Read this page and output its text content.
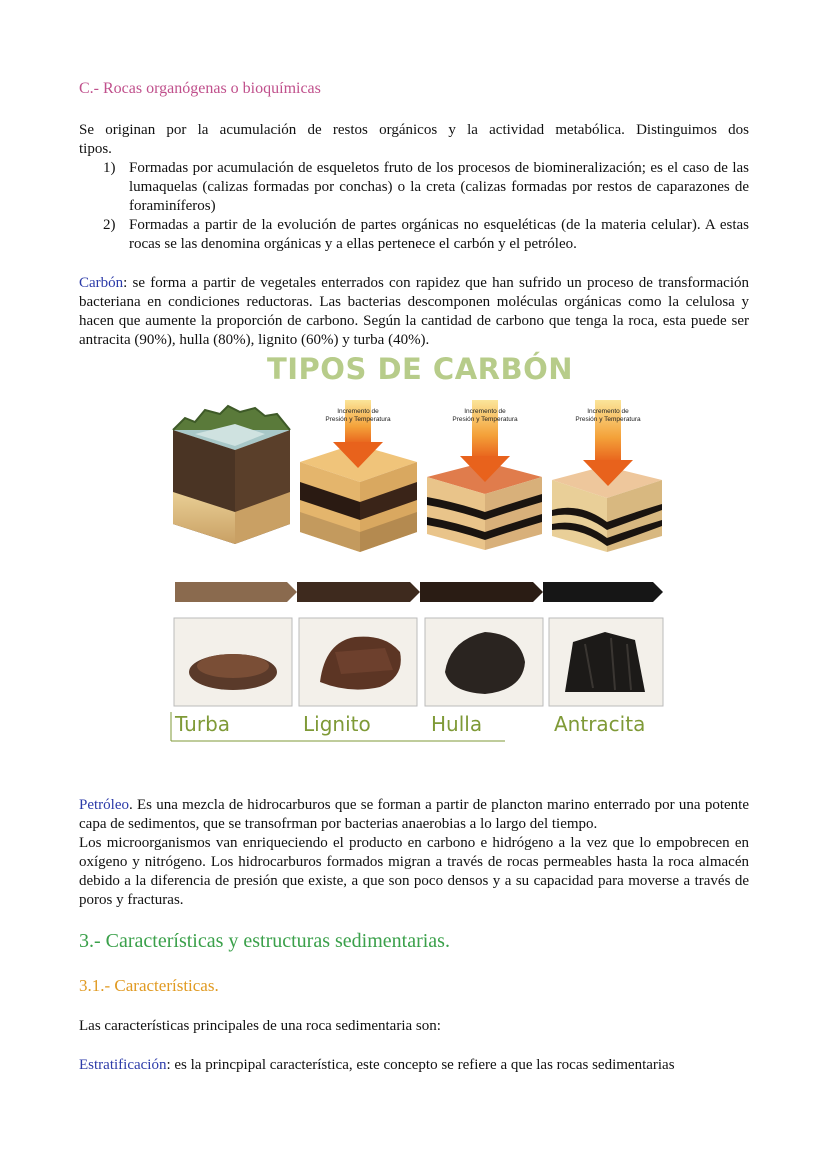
C.- Rocas organógenas o bioquímicas
Se originan por la acumulación de restos orgánicos y la actividad metabólica. Distinguimos dos
tipos.
1) Formadas por acumulación de esqueletos fruto de los procesos de biomineralización; es el caso de las lumaquelas (calizas formadas por conchas) o la creta (calizas formadas por restos de caparazones de foraminíferos)
2) Formadas a partir de la evolución de partes orgánicas no esqueléticas (de la materia celular). A estas rocas se las denomina orgánicas y a ellas pertenece el carbón y el petróleo.
Carbón: se forma a partir de vegetales enterrados con rapidez que han sufrido un proceso de transformación bacteriana en condiciones reductoras. Las bacterias descomponen moléculas orgánicas como la celulosa y hacen que aumente la proporción de carbono. Según la cantidad de carbono que tenga la roca, esta puede ser antracita (90%), hulla (80%), lignito (60%) y turba (40%).
TIPOS DE CARBÓN
Incremento de
Presión y Temperatura
Incremento de
Presión y Temperatura
Incremento de
Presión y Temperatura
Turba	Lignito	Hulla	Antracita
Petróleo. Es una mezcla de hidrocarburos que se forman a partir de plancton marino enterrado por una potente capa de sedimentos, que se transofrman por bacterias anaerobias a lo largo del tiempo.
Los microorganismos van enriqueciendo el producto en carbono e hidrógeno a la vez que lo empobrecen en oxígeno y nitrógeno. Los hidrocarburos formados migran a través de rocas permeables hasta la roca almacén debido a la diferencia de presión que existe, a que son poco densos y a su capacidad para moverse a través de poros y fracturas.
3.- Características y estructuras sedimentarias.
3.1.- Características.
Las características principales de una roca sedimentaria son:
Estratificación: es la princpipal característica, este concepto se refiere a que las rocas sedimentarias
